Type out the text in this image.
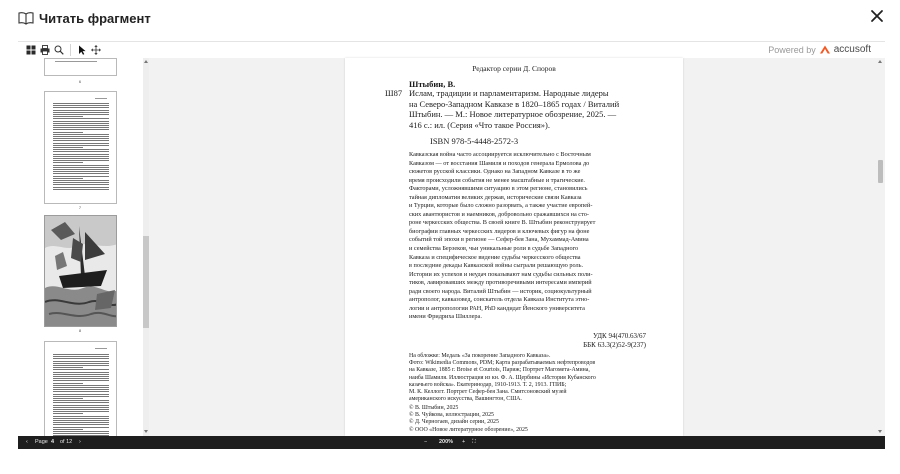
Читать фрагмент
Powered by accusoft
6
7
8
Редактор серии Д. Споров
Ш87
Штыбин, В.
Ислам, традиции и парламентаризм. Народные лидеры
на Северо-Западном Кавказе в 1820–1865 годах / Виталий
Штыбин. — М.: Новое литературное обозрение, 2025. —
416 с.: ил. (Серия «Что такое Россия»).
ISBN 978-5-4448-2572-3
Кавказская война часто ассоциируется исключительно с Восточным
Кавказом — от восстания Шамиля и походов генерала Ермолова до
сюжетов русской классики. Однако на Западном Кавказе в то же
время происходили события не менее масштабные и трагические.
Факторами, усложнявшими ситуацию в этом регионе, становились
тайная дипломатия великих держав, исторические связи Кавказа
и Турции, которые было сложно разорвать, а также участие европей-
ских авантюристов и наемников, добровольно сражавшихся на сто-
роне черкесских общества. В своей книге В. Штыбин реконструирует
биографии главных черкесских лидеров и ключевых фигур на фоне
событий той эпохи в регионе — Сефер-бея Зана, Мухаммад-Амина
и семейства Берзеков, чьи уникальные роли в судьбе Западного
Кавказа и специфическое видение судьбы черкесского общества
в последние декады Кавказской войны сыграли решающую роль.
Истории их успехов и неудач показывают нам судьбы сильных поли-
тиков, лавировавших между противоречивыми интересами империй
ради своего народа. Виталий Штыбин — историк, социокультурный
антрополог, кавказовед, соискатель отдела Кавказа Института этно-
логии и антропологии РАН, PhD кандидат Йенского университета
имени Фридриха Шиллера.
УДК 94(470.63/67
ББК 63.3(2)52-9(237)
На обложке: Медаль «За покорение Западного Кавказа».
Фото: Wikimedia Commons, PDM; Карта разрабатываемых нефтепроводов
на Кавказе, 1885 г. Broise et Courtois, Париж; Портрет Магомета-Амина,
наиба Шамиля. Иллюстрация из кн. Ф. А. Щербины «История Кубанского
казачьего войска». Екатеринодар, 1910-1913. Т. 2, 1913. ГПИБ;
М. К. Келлогг. Портрет Сефер-бея Зана. Смитсоновский музей
американского искусства, Вашингтон, США.
© В. Штыбин, 2025
© В. Чуйкова, иллюстрации, 2025
© Д. Черногаев, дизайн серии, 2025
© ООО «Новое литературное обозрение», 2025
‹ Page 4 of 12 ›	− 200% + ⛶
